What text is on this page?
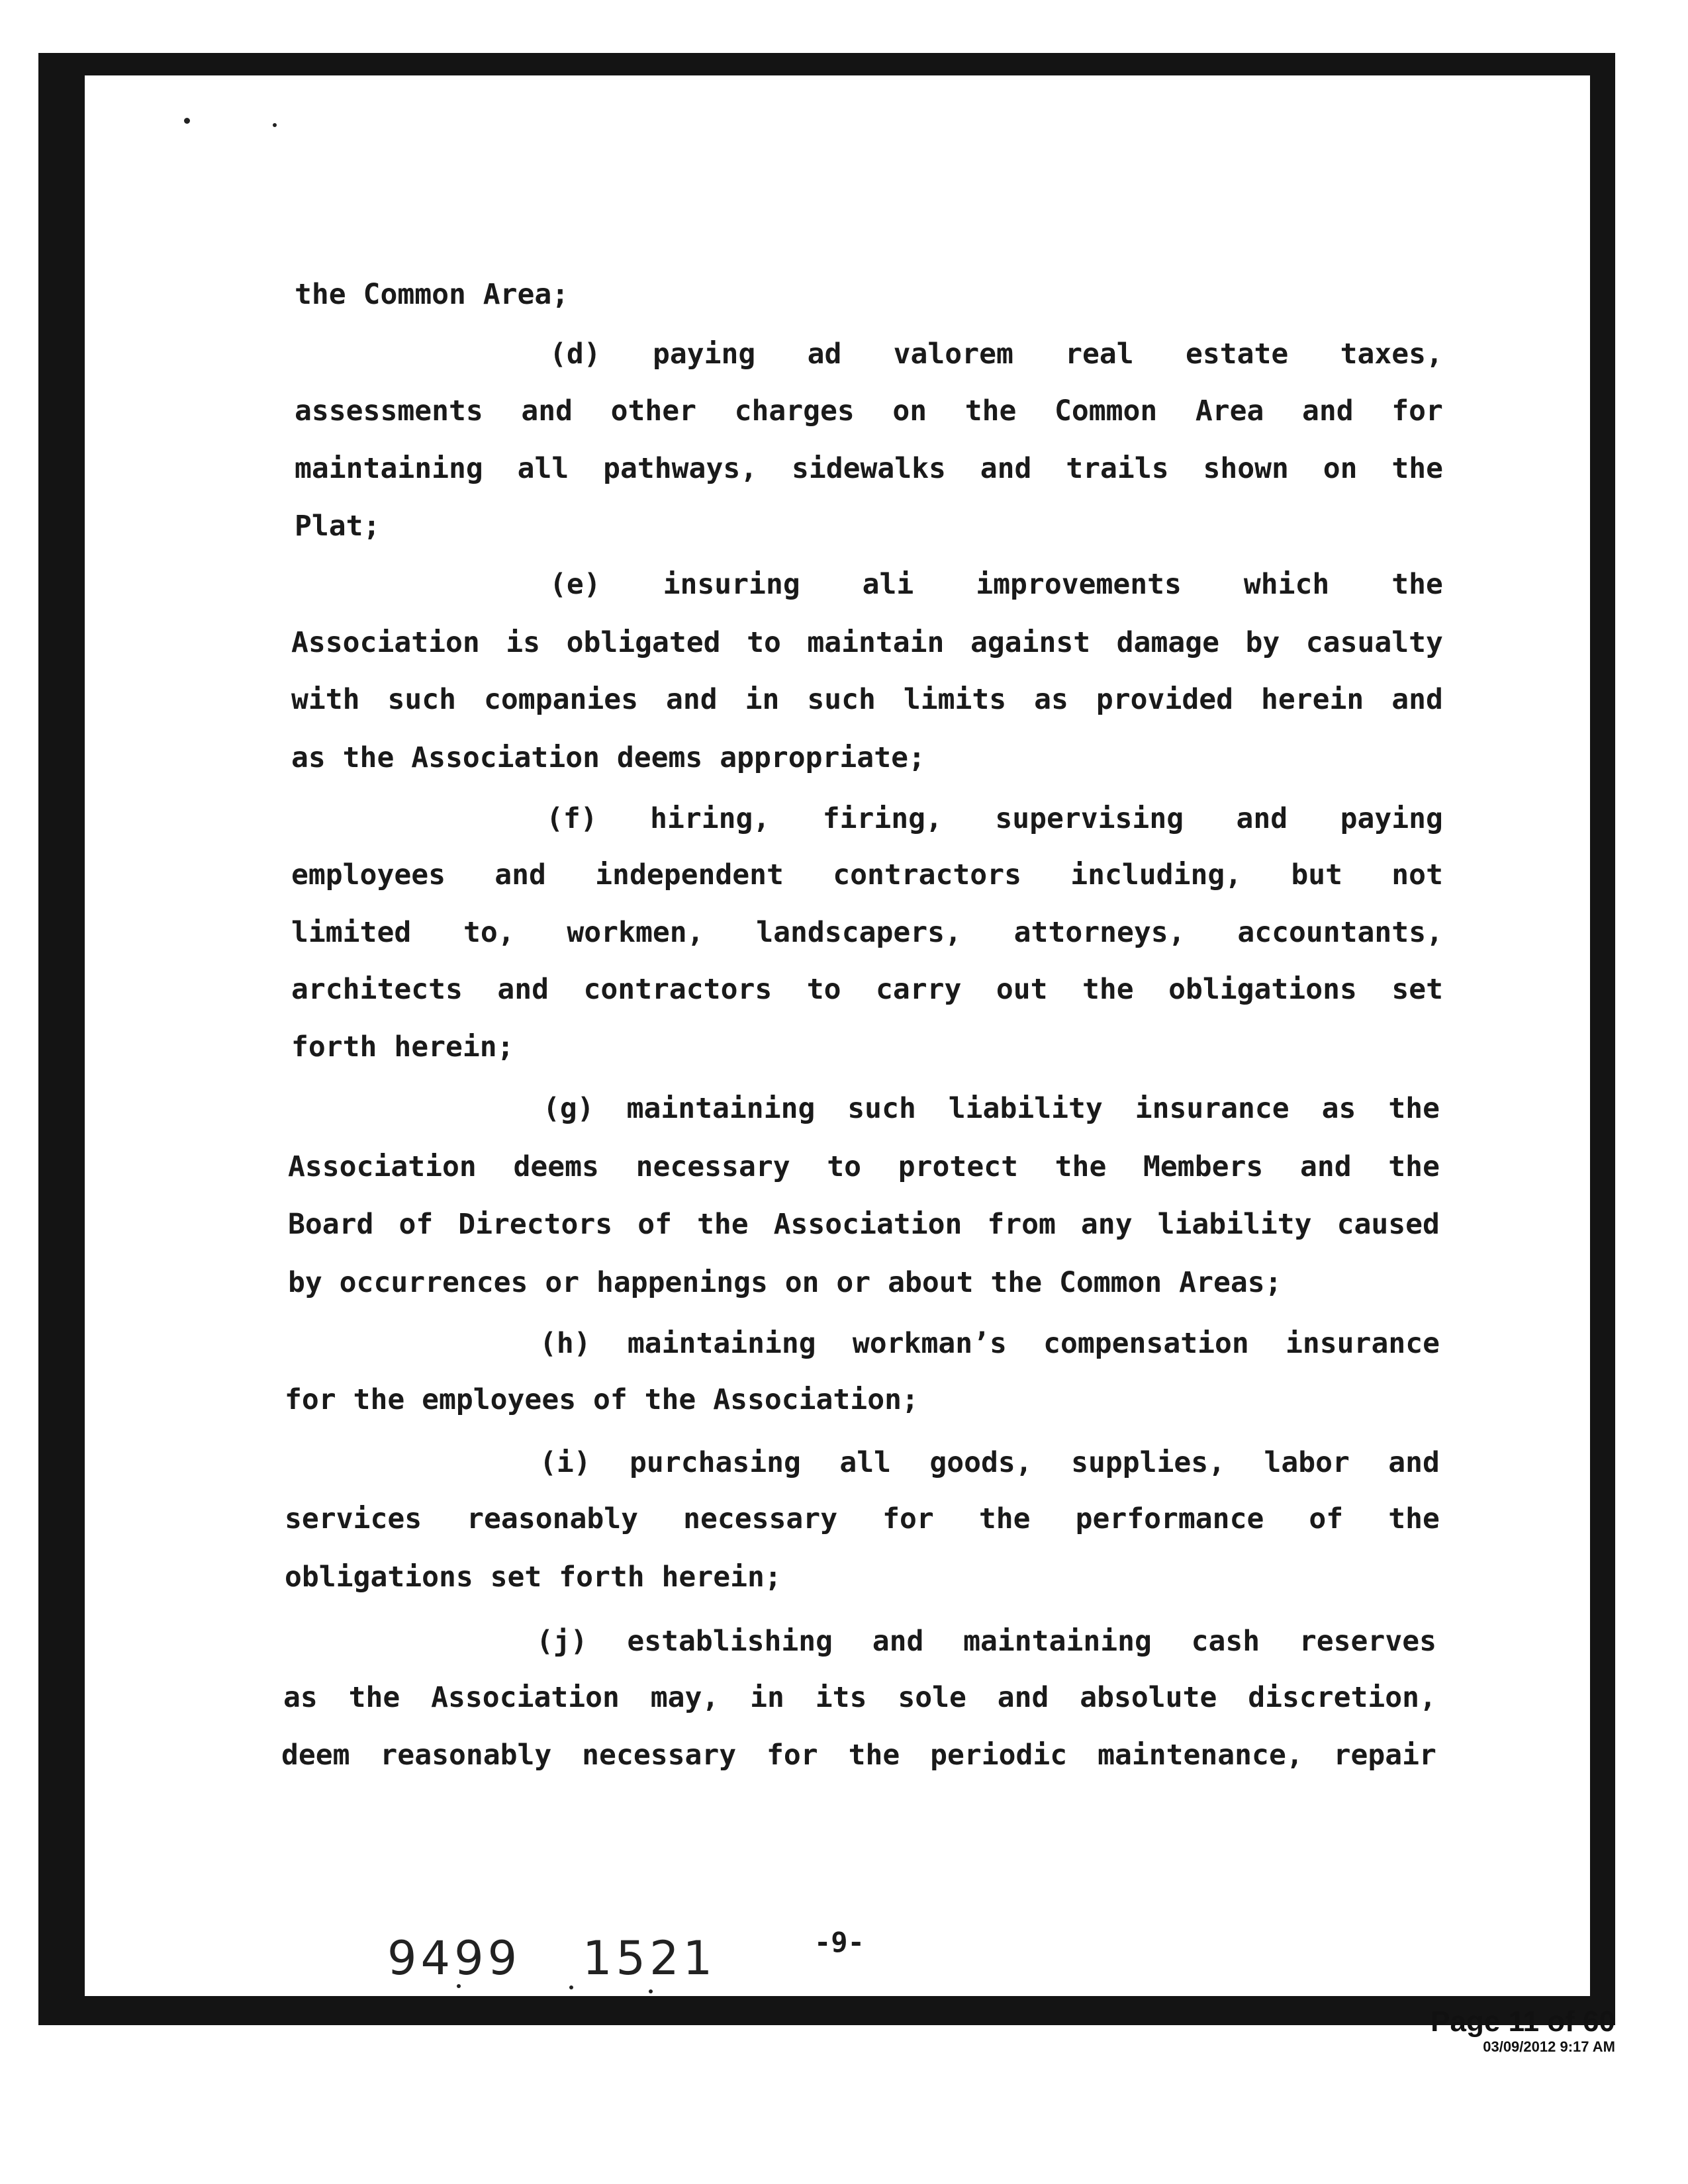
the Common Area;
(d) paying ad valorem real estate taxes,
assessments and other charges on the Common Area and for
maintaining all pathways, sidewalks and trails shown on the
Plat;
(e) insuring ali improvements which the
Association is obligated to maintain against damage by casualty
with such companies and in such limits as provided herein and
as the Association deems appropriate;
(f) hiring, firing, supervising and paying
employees and independent contractors including, but not
limited to, workmen, landscapers, attorneys, accountants,
architects and contractors to carry out the obligations set
forth herein;
(g) maintaining such liability insurance as the
Association deems necessary to protect the Members and the
Board of Directors of the Association from any liability caused
by occurrences or happenings on or about the Common Areas;
(h) maintaining workman’s compensation insurance
for the employees of the Association;
(i) purchasing all goods, supplies, labor and
services reasonably necessary for the performance of the
obligations set forth herein;
(j) establishing and maintaining cash reserves
as the Association may, in its sole and absolute discretion,
deem reasonably necessary for the periodic maintenance, repair
9499 1521	-9-
Page 11 of 60
03/09/2012 9:17 AM
